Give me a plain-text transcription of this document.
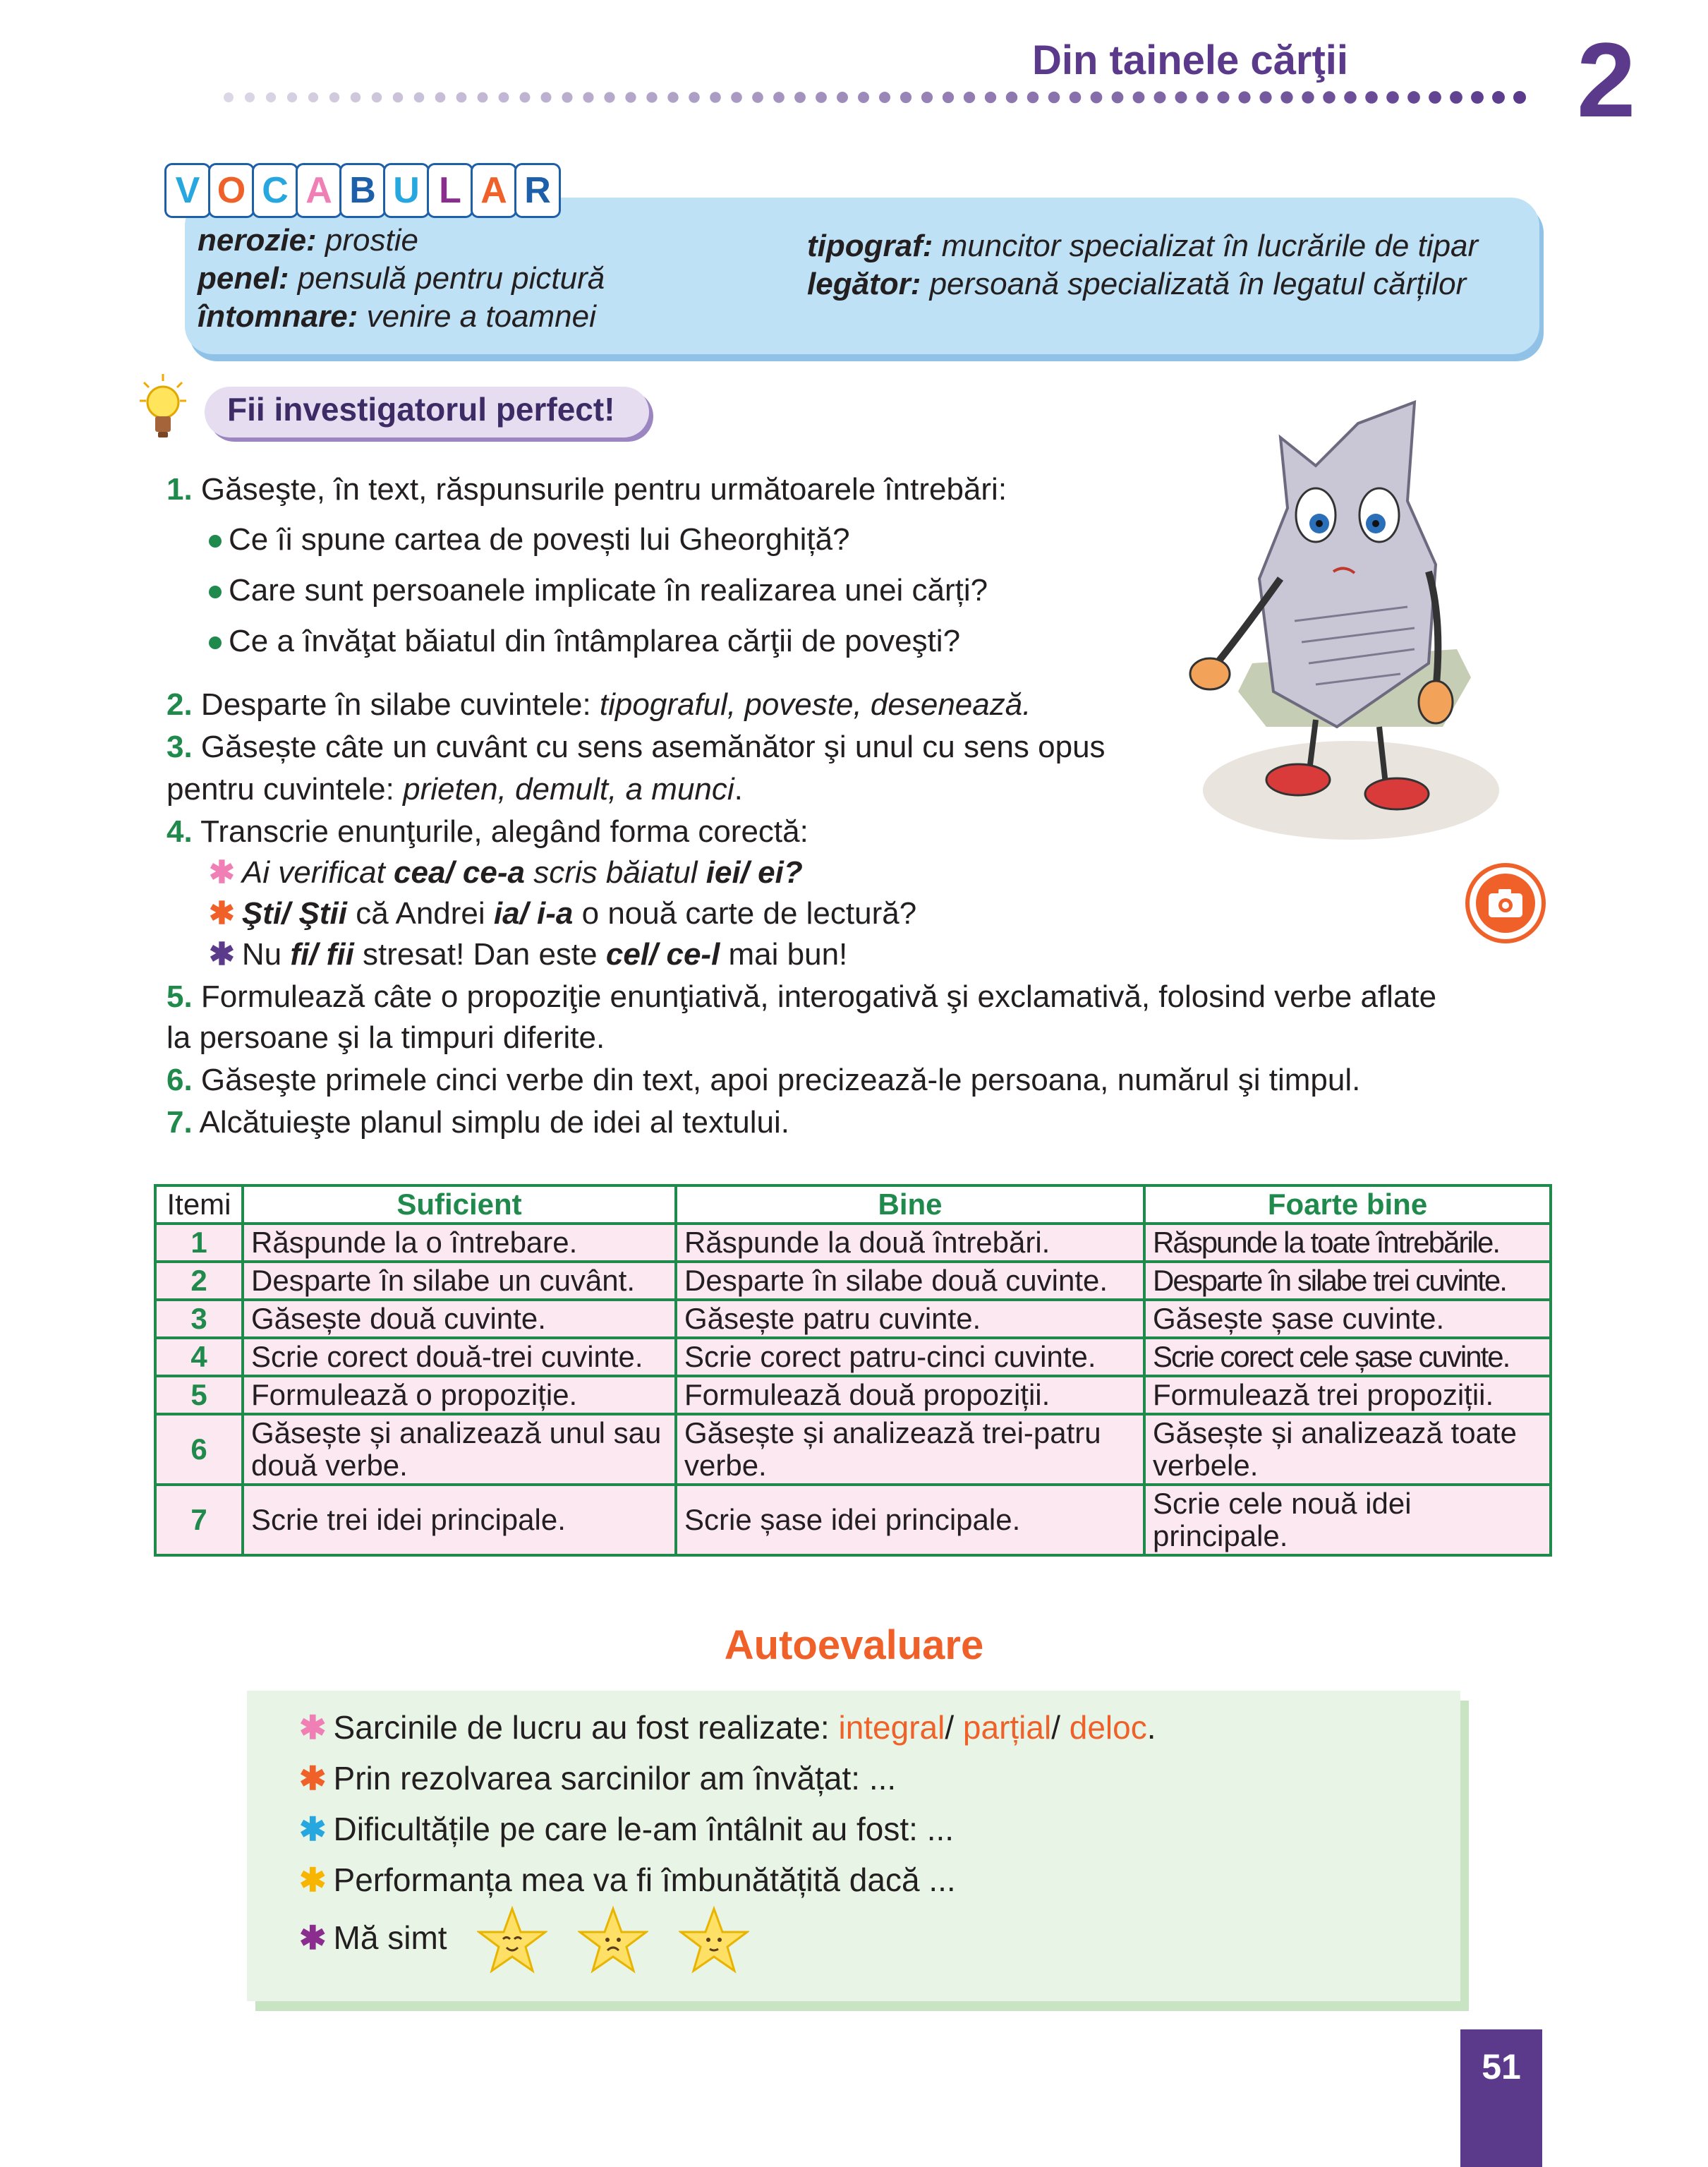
Din tainele cărţii 2
V O C A B U L A R
nerozie: prostie
penel: pensulă pentru pictură
întomnare: venire a toamnei
tipograf: muncitor specializat în lucrările de tipar
legător: persoană specializată în legatul cărților
Fii investigatorul perfect!
1. Găseşte, în text, răspunsurile pentru următoarele întrebări:
Ce îi spune cartea de povești lui Gheorghiță?
Care sunt persoanele implicate în realizarea unei cărți?
Ce a învăţat băiatul din întâmplarea cărţii de poveşti?
2. Desparte în silabe cuvintele: tipograful, poveste, desenează.
3. Găsește câte un cuvânt cu sens asemănător şi unul cu sens opus
pentru cuvintele: prieten, demult, a munci.
4. Transcrie enunţurile, alegând forma corectă:
✱ Ai verificat cea/ ce-a scris băiatul iei/ ei?
✱ Şti/ Ştii că Andrei ia/ i-a o nouă carte de lectură?
✱ Nu fi/ fii stresat! Dan este cel/ ce-l mai bun!
5. Formulează câte o propoziţie enunţiativă, interogativă şi exclamativă, folosind verbe aflate
la persoane şi la timpuri diferite.
6. Găseşte primele cinci verbe din text, apoi precizează-le persoana, numărul şi timpul.
7. Alcătuieşte planul simplu de idei al textului.
Itemi	Suficient	Bine	Foarte bine
1	Răspunde la o întrebare.	Răspunde la două întrebări.	Răspunde la toate întrebările.
2	Desparte în silabe un cuvânt.	Desparte în silabe două cuvinte.	Desparte în silabe trei cuvinte.
3	Găsește două cuvinte.	Găsește patru cuvinte.	Găsește șase cuvinte.
4	Scrie corect două-trei cuvinte.	Scrie corect patru-cinci cuvinte.	Scrie corect cele șase cuvinte.
5	Formulează o propoziție.	Formulează două propoziții.	Formulează trei propoziții.
6	Găsește și analizează unul sau două verbe.	Găsește și analizează trei-patru verbe.	Găsește și analizează toate verbele.
7	Scrie trei idei principale.	Scrie șase idei principale.	Scrie cele nouă idei principale.
Autoevaluare
✱ Sarcinile de lucru au fost realizate: integral/ parțial/ deloc.
✱ Prin rezolvarea sarcinilor am învățat: ...
✱ Dificultățile pe care le-am întâlnit au fost: ...
✱ Performanța mea va fi îmbunătățită dacă ...
✱ Mă simt
51
